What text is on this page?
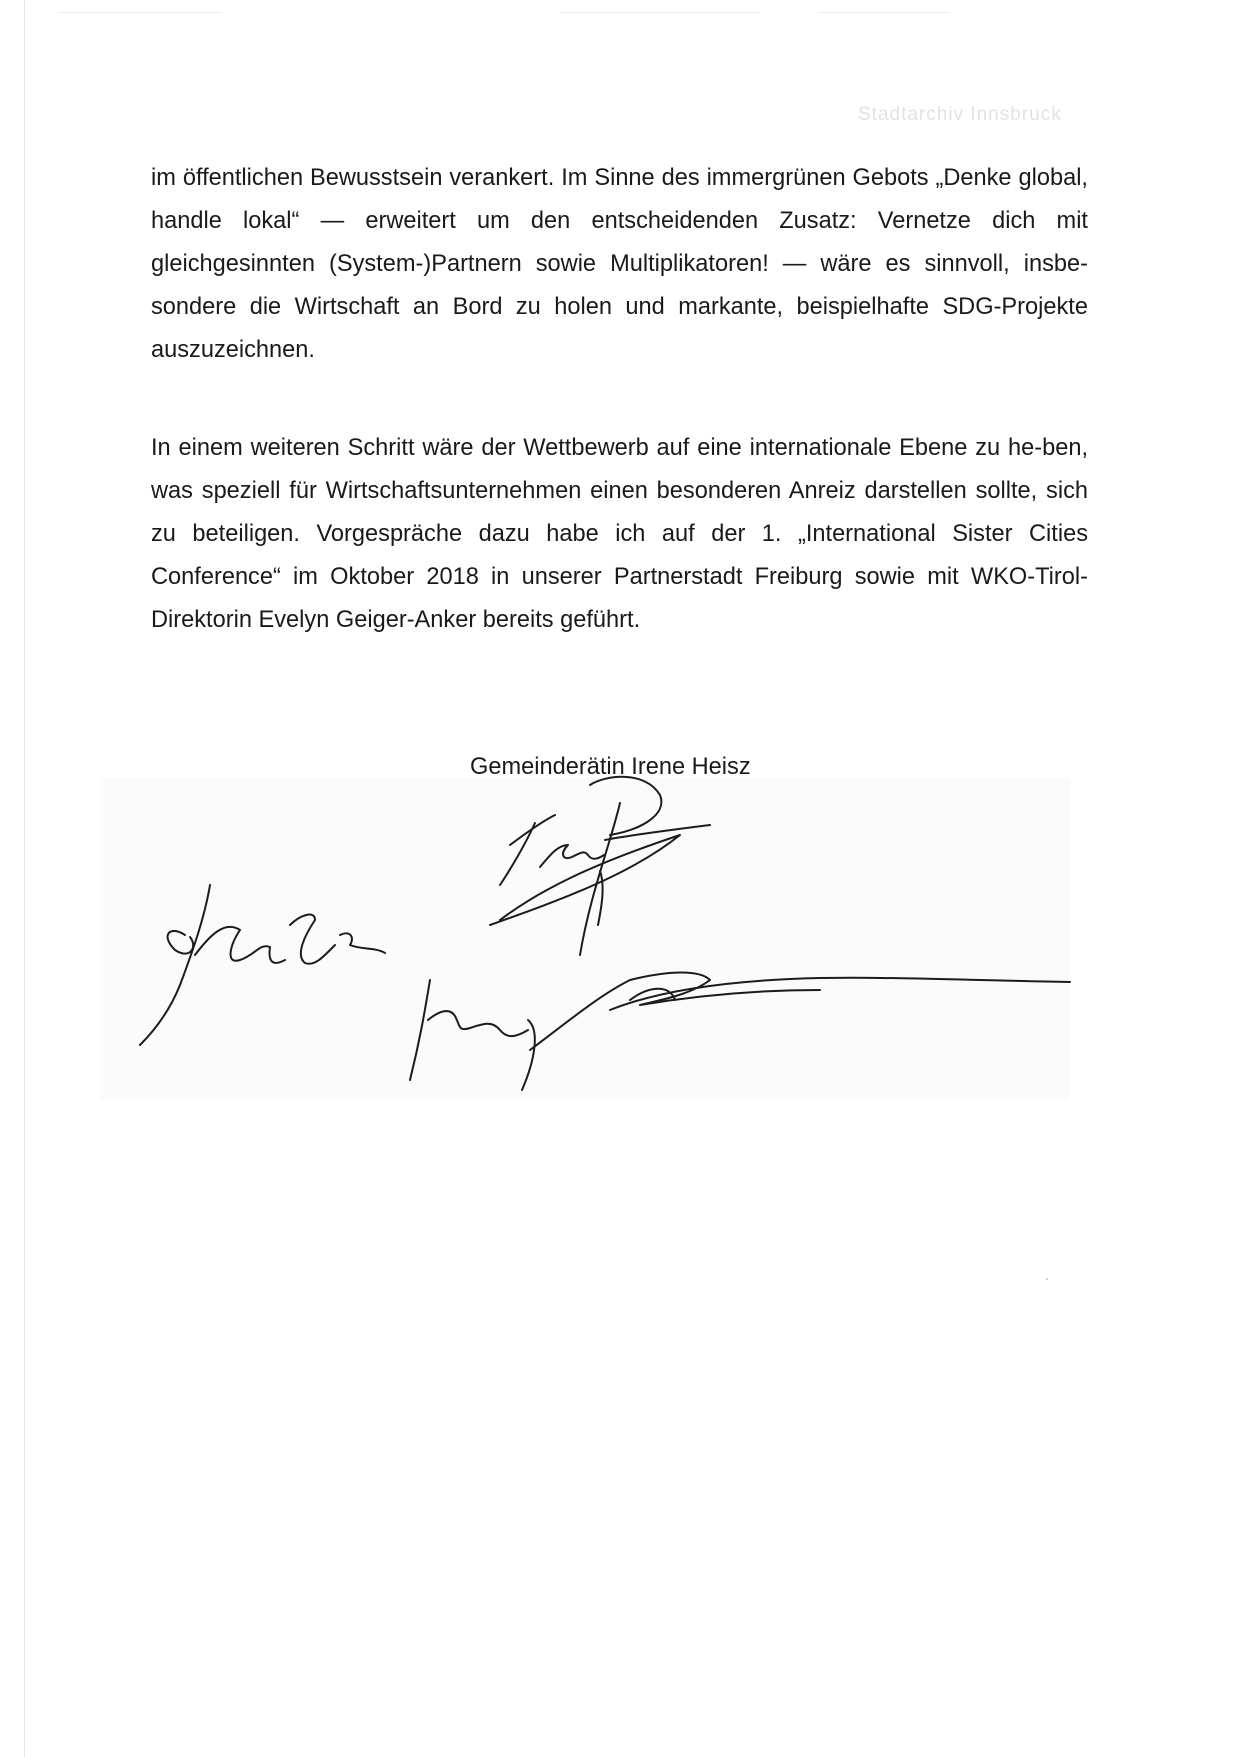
Stadtarchiv Innsbruck

im öffentlichen Bewusstsein verankert. Im Sinne des immergrünen Gebots „Denke global, handle lokal“ — erweitert um den entscheidenden Zusatz: Vernetze dich mit gleichgesinnten (System-)Partnern sowie Multiplikatoren! — wäre es sinnvoll, insbe-sondere die Wirtschaft an Bord zu holen und markante, beispielhafte SDG-Projekte auszuzeichnen.

In einem weiteren Schritt wäre der Wettbewerb auf eine internationale Ebene zu he-ben, was speziell für Wirtschaftsunternehmen einen besonderen Anreiz darstellen sollte, sich zu beteiligen. Vorgespräche dazu habe ich auf der 1. „International Sister Cities Conference“ im Oktober 2018 in unserer Partnerstadt Freiburg sowie mit WKO-Tirol-Direktorin Evelyn Geiger-Anker bereits geführt.

Gemeinderätin Irene Heisz
